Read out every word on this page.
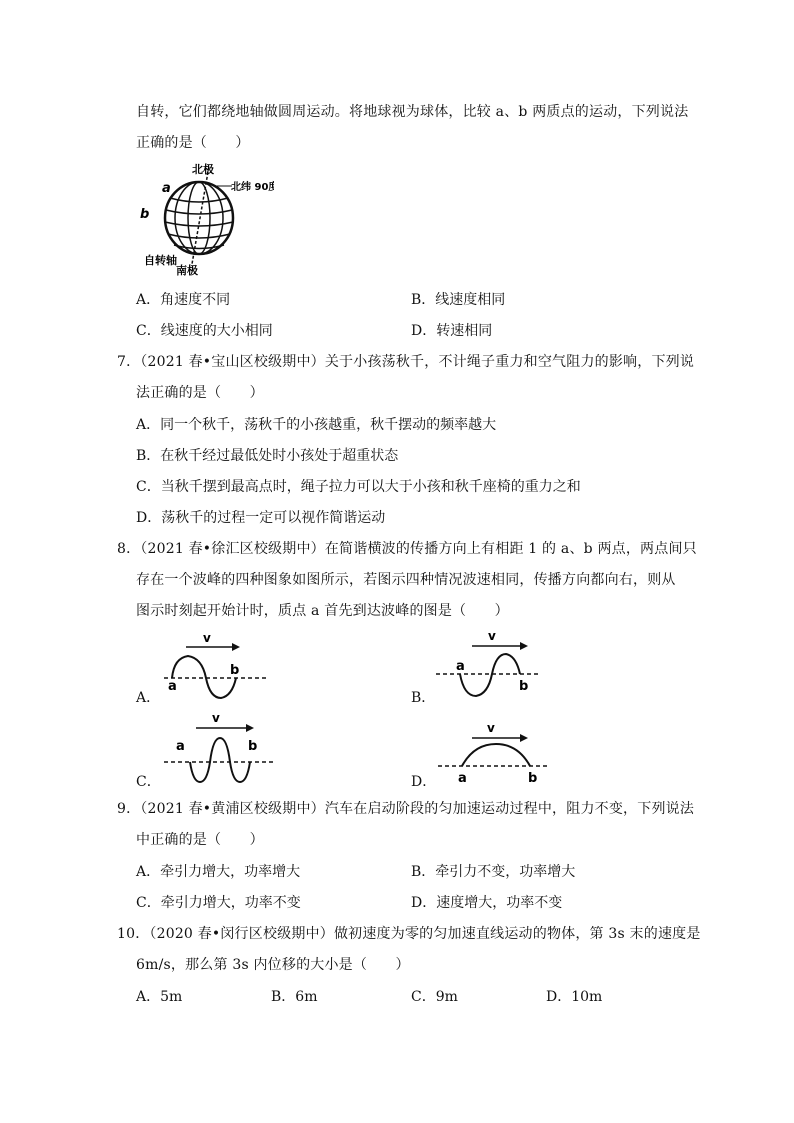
自转，它们都绕地轴做圆周运动。将地球视为球体，比较 a、b 两质点的运动，下列说法
正确的是（　　）
北极
北纬 90度
a
b
自转轴
南极
A．角速度不同	B．线速度相同
C．线速度的大小相同	D．转速相同
7．（2021 春•宝山区校级期中）关于小孩荡秋千，不计绳子重力和空气阻力的影响，下列说
法正确的是（　　）
A．同一个秋千，荡秋千的小孩越重，秋千摆动的频率越大
B．在秋千经过最低处时小孩处于超重状态
C．当秋千摆到最高点时，绳子拉力可以大于小孩和秋千座椅的重力之和
D．荡秋千的过程一定可以视作简谐运动
8．（2021 春•徐汇区校级期中）在简谐横波的传播方向上有相距 1 的 a、b 两点，两点间只
存在一个波峰的四种图象如图所示，若图示四种情况波速相同，传播方向都向右，则从
图示时刻起开始计时，质点 a 首先到达波峰的图是（　　）
A．
v
a
b
B．
v
a
b
C．
v
a	b
D．
v
a	b
9．（2021 春•黄浦区校级期中）汽车在启动阶段的匀加速运动过程中，阻力不变，下列说法
中正确的是（　　）
A．牵引力增大，功率增大	B．牵引力不变，功率增大
C．牵引力增大，功率不变	D．速度增大，功率不变
10．（2020 春•闵行区校级期中）做初速度为零的匀加速直线运动的物体，第 3s 末的速度是
6m/s，那么第 3s 内位移的大小是（　　）
A．5m	B．6m	C．9m	D．10m
